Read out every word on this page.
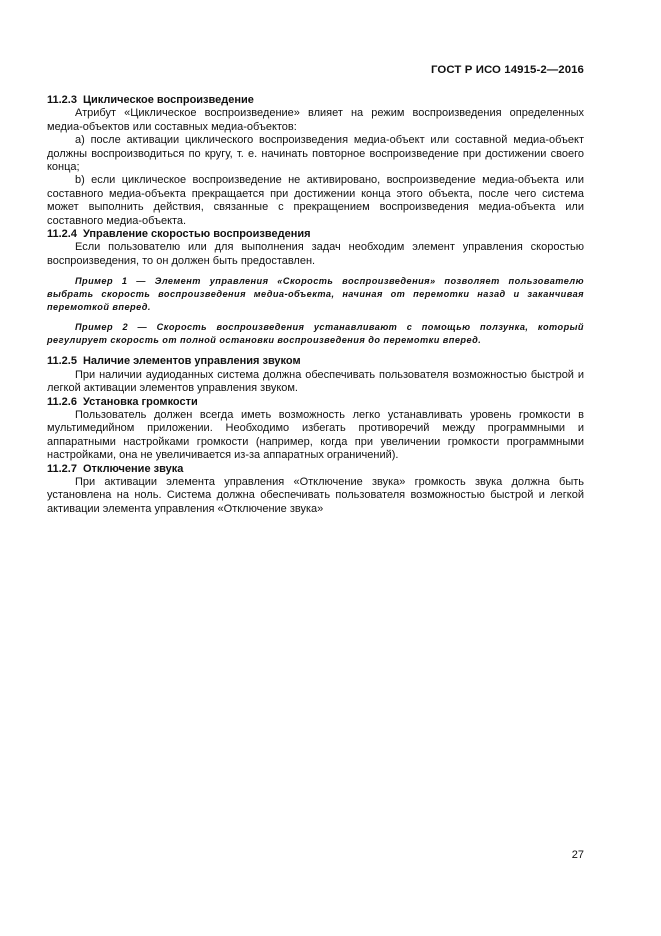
ГОСТ Р ИСО 14915-2—2016

11.2.3 Циклическое воспроизведение

Атрибут «Циклическое воспроизведение» влияет на режим воспроизведения определенных медиа-объектов или составных медиа-объектов:

а) после активации циклического воспроизведения медиа-объект или составной медиа-объект должны воспроизводиться по кругу, т. е. начинать повторное воспроизведение при достижении своего конца;

b) если циклическое воспроизведение не активировано, воспроизведение медиа-объекта или составного медиа-объекта прекращается при достижении конца этого объекта, после чего система может выполнить действия, связанные с прекращением воспроизведения медиа-объекта или составного медиа-объекта.

11.2.4 Управление скоростью воспроизведения

Если пользователю или для выполнения задач необходим элемент управления скоростью воспроизведения, то он должен быть предоставлен.

Пример 1 — Элемент управления «Скорость воспроизведения» позволяет пользователю выбрать скорость воспроизведения медиа-объекта, начиная от перемотки назад и заканчивая перемоткой вперед.

Пример 2 — Скорость воспроизведения устанавливают с помощью ползунка, который регулирует скорость от полной остановки воспроизведения до перемотки вперед.

11.2.5 Наличие элементов управления звуком

При наличии аудиоданных система должна обеспечивать пользователя возможностью быстрой и легкой активации элементов управления звуком.

11.2.6 Установка громкости

Пользователь должен всегда иметь возможность легко устанавливать уровень громкости в мультимедийном приложении. Необходимо избегать противоречий между программными и аппаратными настройками громкости (например, когда при увеличении громкости программными настройками, она не увеличивается из-за аппаратных ограничений).

11.2.7 Отключение звука

При активации элемента управления «Отключение звука» громкость звука должна быть установлена на ноль. Система должна обеспечивать пользователя возможностью быстрой и легкой активации элемента управления «Отключение звука»

27
